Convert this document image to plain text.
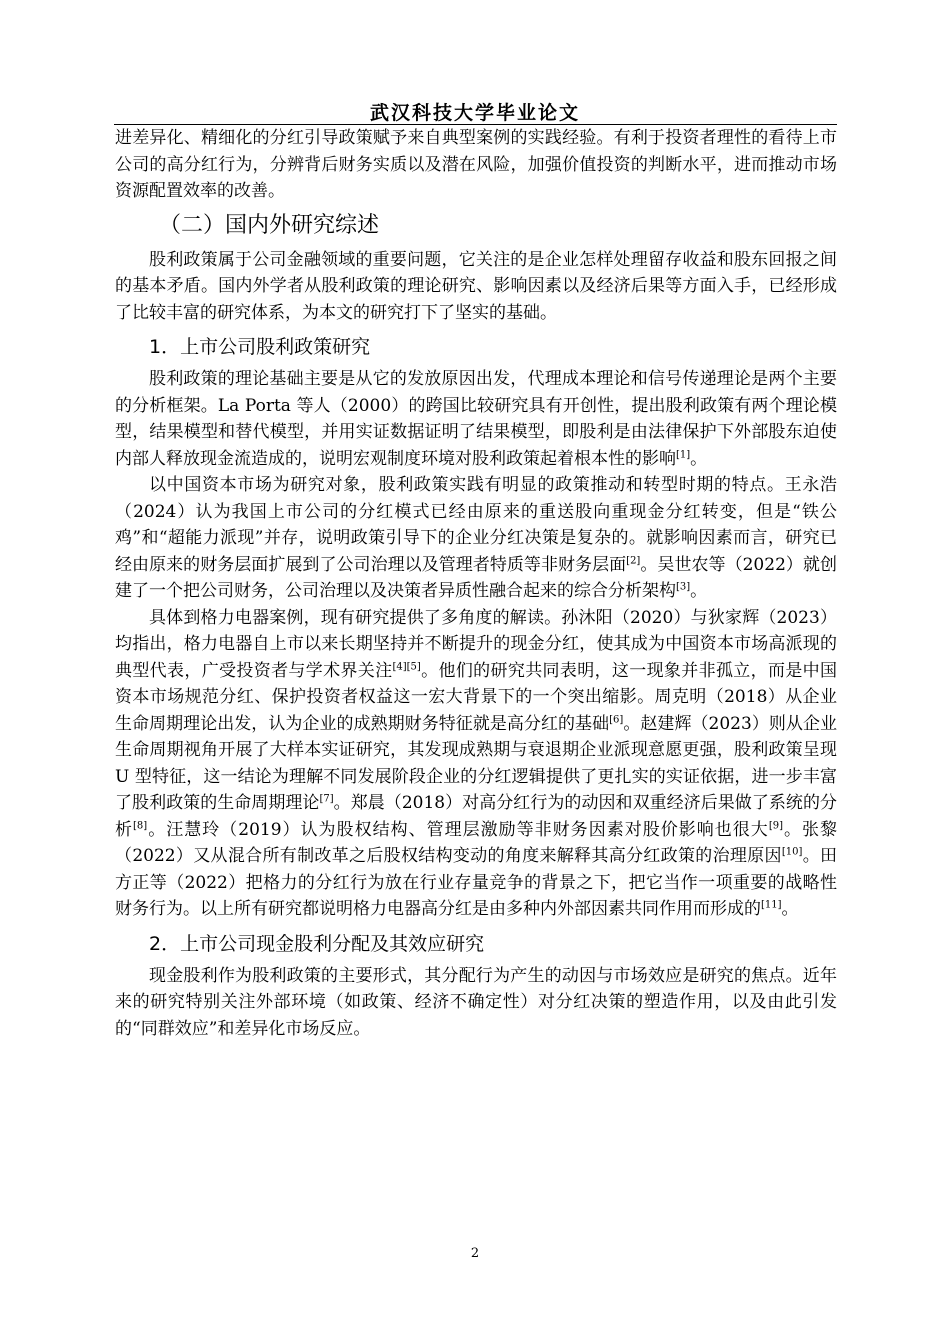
武汉科技大学毕业论文

进差异化、精细化的分红引导政策赋予来自典型案例的实践经验。有利于投资者理性的看待上市公司的高分红行为，分辨背后财务实质以及潜在风险，加强价值投资的判断水平，进而推动市场资源配置效率的改善。

（二）国内外研究综述

股利政策属于公司金融领域的重要问题，它关注的是企业怎样处理留存收益和股东回报之间的基本矛盾。国内外学者从股利政策的理论研究、影响因素以及经济后果等方面入手，已经形成了比较丰富的研究体系，为本文的研究打下了坚实的基础。

1．上市公司股利政策研究

股利政策的理论基础主要是从它的发放原因出发，代理成本理论和信号传递理论是两个主要的分析框架。La Porta 等人（2000）的跨国比较研究具有开创性，提出股利政策有两个理论模型，结果模型和替代模型，并用实证数据证明了结果模型，即股利是由法律保护下外部股东迫使内部人释放现金流造成的，说明宏观制度环境对股利政策起着根本性的影响[1]。

以中国资本市场为研究对象，股利政策实践有明显的政策推动和转型时期的特点。王永浩（2024）认为我国上市公司的分红模式已经由原来的重送股向重现金分红转变，但是“铁公鸡”和“超能力派现”并存，说明政策引导下的企业分红决策是复杂的。就影响因素而言，研究已经由原来的财务层面扩展到了公司治理以及管理者特质等非财务层面[2]。吴世农等（2022）就创建了一个把公司财务，公司治理以及决策者异质性融合起来的综合分析架构[3]。

具体到格力电器案例，现有研究提供了多角度的解读。孙沐阳（2020）与狄家辉（2023）均指出，格力电器自上市以来长期坚持并不断提升的现金分红，使其成为中国资本市场高派现的典型代表，广受投资者与学术界关注[4][5]。他们的研究共同表明，这一现象并非孤立，而是中国资本市场规范分红、保护投资者权益这一宏大背景下的一个突出缩影。周克明（2018）从企业生命周期理论出发，认为企业的成熟期财务特征就是高分红的基础[6]。赵建辉（2023）则从企业生命周期视角开展了大样本实证研究，其发现成熟期与衰退期企业派现意愿更强，股利政策呈现 U 型特征，这一结论为理解不同发展阶段企业的分红逻辑提供了更扎实的实证依据，进一步丰富了股利政策的生命周期理论[7]。郑晨（2018）对高分红行为的动因和双重经济后果做了系统的分析[8]。汪慧玲（2019）认为股权结构、管理层激励等非财务因素对股价影响也很大[9]。张黎（2022）又从混合所有制改革之后股权结构变动的角度来解释其高分红政策的治理原因[10]。田方正等（2022）把格力的分红行为放在行业存量竞争的背景之下，把它当作一项重要的战略性财务行为。以上所有研究都说明格力电器高分红是由多种内外部因素共同作用而形成的[11]。

2．上市公司现金股利分配及其效应研究

现金股利作为股利政策的主要形式，其分配行为产生的动因与市场效应是研究的焦点。近年来的研究特别关注外部环境（如政策、经济不确定性）对分红决策的塑造作用，以及由此引发的“同群效应”和差异化市场反应。

2
